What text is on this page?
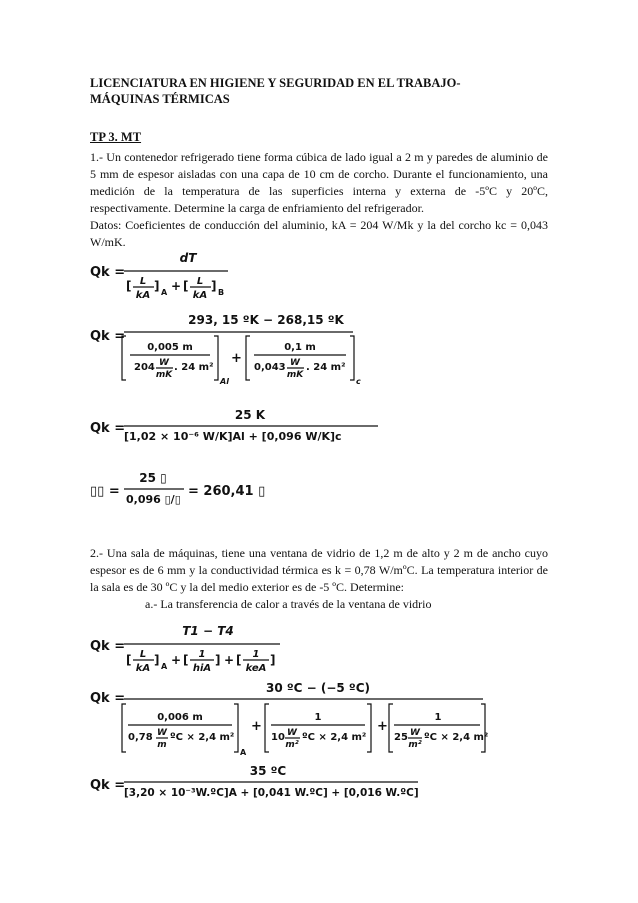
LICENCIATURA EN HIGIENE Y SEGURIDAD EN EL TRABAJO-
MÁQUINAS TÉRMICAS
TP 3. MT
1.- Un contenedor refrigerado tiene forma cúbica de lado igual a 2 m y paredes de aluminio de 5 mm de espesor aisladas con una capa de 10 cm de corcho. Durante el funcionamiento, una medición de la temperatura de las superficies interna y externa de -5ºC y 20ºC, respectivamente. Determine la carga de enfriamiento del refrigerador.
Datos: Coeficientes de conducción del aluminio, kA = 204 W/Mk y la del corcho kc = 0,043 W/mK.
Qk =
dT
[ L
kA
] A + [ L
kA
] B
Qk =
293, 15 ºK − 268,15 ºK
0,005 m
204 W
mK
. 24 m²
Al
+
0,1 m
0,043 W
mK
. 24 m²
c
Qk =
25 K
[1,02 × 10⁻⁶ W/K]Al + [0,096 W/K]c
▯▯ =
25 ▯
0,096 ▯/▯
= 260,41 ▯
2.- Una sala de máquinas, tiene una ventana de vidrio de 1,2 m de alto y 2 m de ancho cuyo espesor es de 6 mm y la conductividad térmica es k = 0,78 W/mºC. La temperatura interior de la sala es de 30 ºC y la del medio exterior es de -5 ºC. Determine:
a.- La transferencia de calor a través de la ventana de vidrio
Qk =
T1 − T4
[ L
kA
] A + [ 1
hiA
] + [ 1
keA
]
Qk =
30 ºC − (−5 ºC)
0,006 m
0,78 W
m
ºC × 2,4 m²
A
+
1
10 W
m²
ºC × 2,4 m²
+
1
25 W
m²
ºC × 2,4 m²
Qk =
35 ºC
[3,20 × 10⁻³W.ºC]A + [0,041 W.ºC] + [0,016 W.ºC]
